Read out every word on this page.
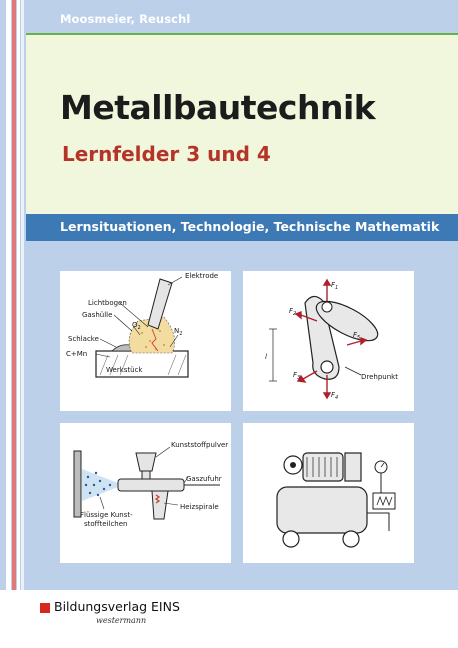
Moosmeier, Reuschl
Metallbautechnik
Lernfelder 3 und 4
Lernsituationen, Technologie, Technische Mathematik
Lichtbogen
Gashülle
Elektrode
$O_2$	$N_2$
Schlacke
C+Mn
Werkstück
$F_1$
$F_2$
$F_3$
$F_4$
$F_5$
l
Drehpunkt
Kunststoffpulver
Gaszufuhr
Heizspirale
Flüssige Kunst-
stoffteilchen
Bildungsverlag EINS
westermann
